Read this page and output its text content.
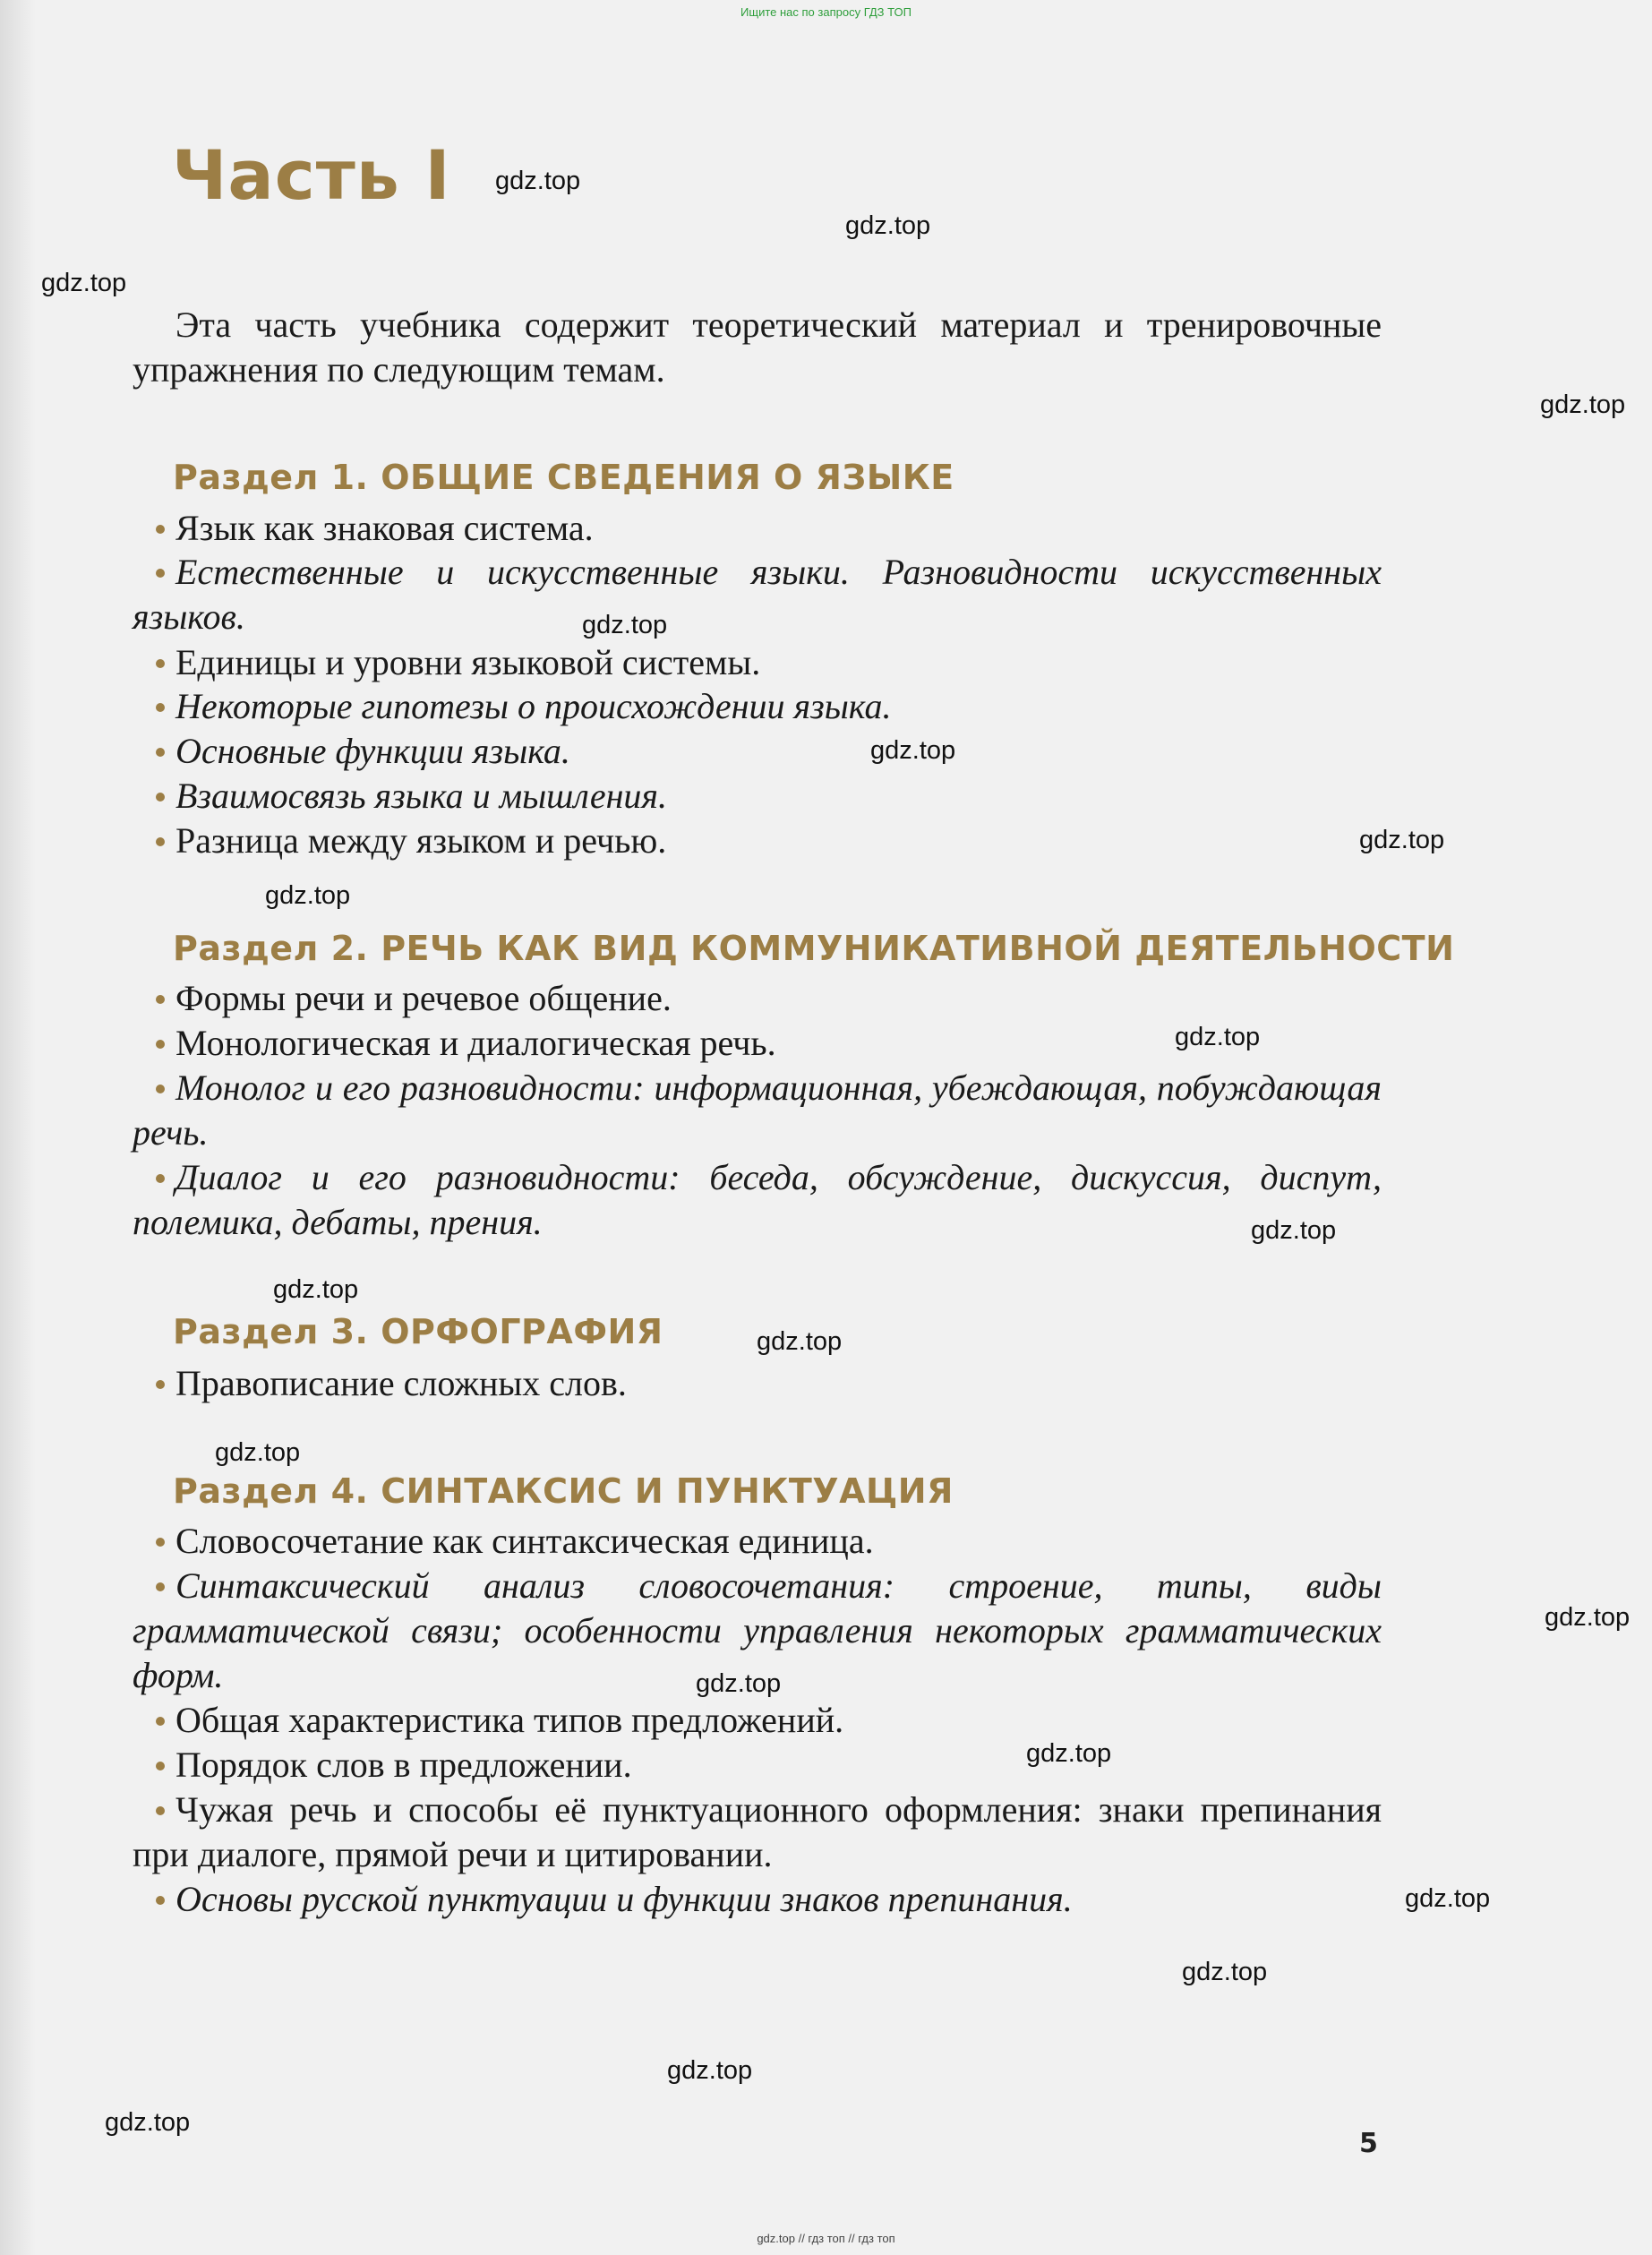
Ищите нас по запросу ГДЗ ТОП
Часть I
Эта часть учебника содержит теоретический материал и тренировочные упражнения по следующим темам.
Раздел 1. ОБЩИЕ СВЕДЕНИЯ О ЯЗЫКЕ
Язык как знаковая система.
Естественные и искусственные языки. Разновидности искусственных языков.
Единицы и уровни языковой системы.
Некоторые гипотезы о происхождении языка.
Основные функции языка.
Взаимосвязь языка и мышления.
Разница между языком и речью.
Раздел 2. РЕЧЬ КАК ВИД КОММУНИКАТИВНОЙ ДЕЯТЕЛЬНОСТИ
Формы речи и речевое общение.
Монологическая и диалогическая речь.
Монолог и его разновидности: информационная, убеждающая, побуждающая речь.
Диалог и его разновидности: беседа, обсуждение, дискуссия, диспут, полемика, дебаты, прения.
Раздел 3. ОРФОГРАФИЯ
Правописание сложных слов.
Раздел 4. СИНТАКСИС И ПУНКТУАЦИЯ
Словосочетание как синтаксическая единица.
Синтаксический анализ словосочетания: строение, типы, виды грамматической связи; особенности управления некоторых грамматических форм.
Общая характеристика типов предложений.
Порядок слов в предложении.
Чужая речь и способы её пунктуационного оформления: знаки препинания при диалоге, прямой речи и цитировании.
Основы русской пунктуации и функции знаков препинания.
gdz.top
gdz.top
gdz.top
gdz.top
gdz.top
gdz.top
gdz.top
gdz.top
gdz.top
gdz.top
gdz.top
gdz.top
gdz.top
gdz.top
gdz.top
gdz.top
gdz.top
gdz.top
gdz.top
gdz.top
5
gdz.top // гдз топ // гдз топ
